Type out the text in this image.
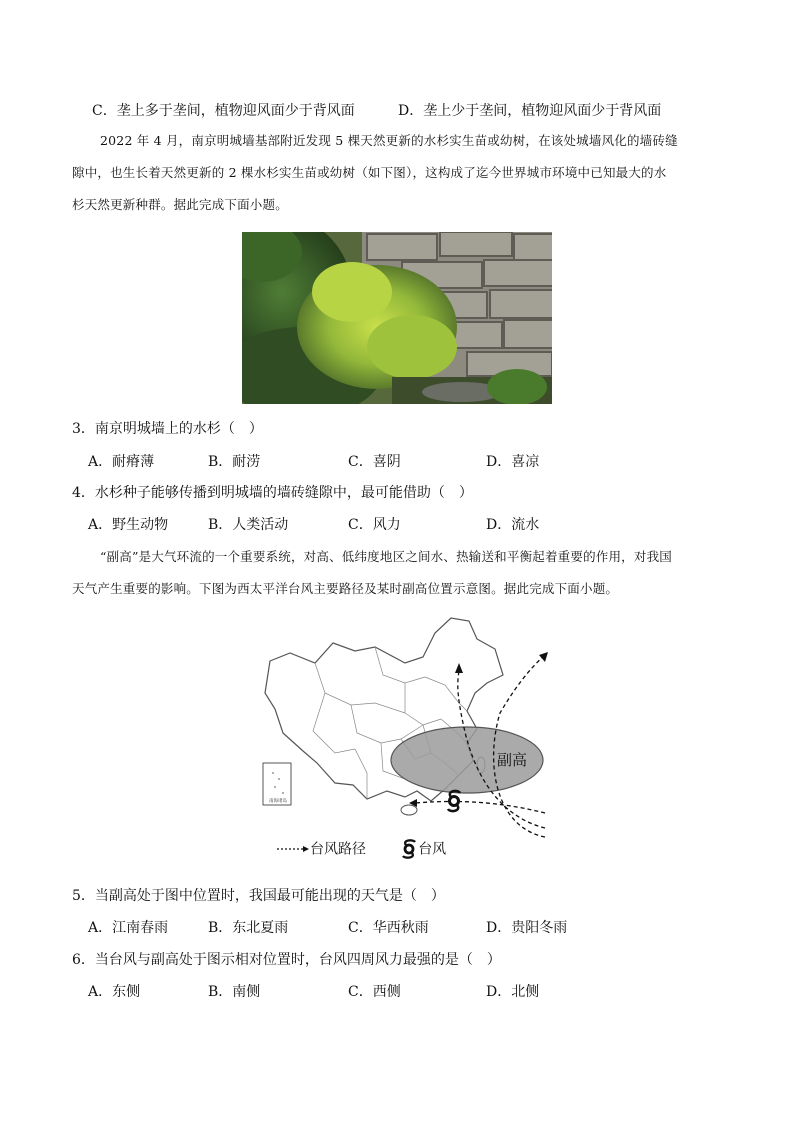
C．垄上多于垄间，植物迎风面少于背风面	D．垄上少于垄间，植物迎风面少于背风面
2022 年 4 月，南京明城墙基部附近发现 5 棵天然更新的水杉实生苗或幼树，在该处城墙风化的墙砖缝
隙中，也生长着天然更新的 2 棵水杉实生苗或幼树（如下图），这构成了迄今世界城市环境中已知最大的水
杉天然更新种群。据此完成下面小题。
3．南京明城墙上的水杉（　）
A．耐瘠薄	B．耐涝	C．喜阴	D．喜凉
4．水杉种子能够传播到明城墙的墙砖缝隙中，最可能借助（　）
A．野生动物	B．人类活动	C．风力	D．流水
“副高”是大气环流的一个重要系统，对高、低纬度地区之间水、热输送和平衡起着重要的作用，对我国
天气产生重要的影响。下图为西太平洋台风主要路径及某时副高位置示意图。据此完成下面小题。
南海诸岛
副高
台风路径	台风
5．当副高处于图中位置时，我国最可能出现的天气是（　）
A．江南春雨	B．东北夏雨	C．华西秋雨	D．贵阳冬雨
6．当台风与副高处于图示相对位置时，台风四周风力最强的是（　）
A．东侧	B．南侧	C．西侧	D．北侧
